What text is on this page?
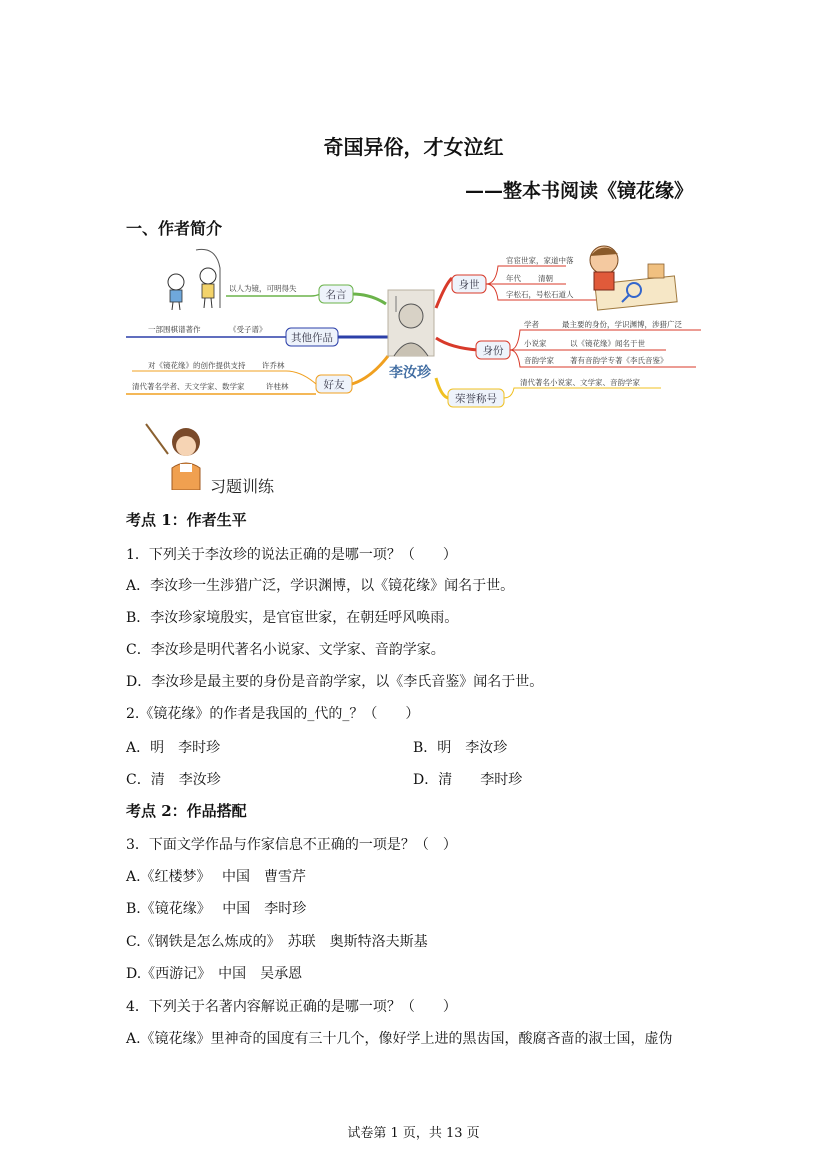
奇国异俗，才女泣红
——整本书阅读《镜花缘》
一、作者简介
名言
以人为镜，可明得失
其他作品
一部围棋谱著作	《受子谱》
好友
对《镜花缘》的创作提供支持 许乔林
清代著名学者、天文学家、数学家	许桂林
李汝珍
身世
官宦世家，家道中落
年代 清朝
字松石，号松石道人
身份
学者	最主要的身份，学识渊博，涉猎广泛
小说家	以《镜花缘》闻名于世
音韵学家 著有音韵学专著《李氏音鉴》
荣誉称号
清代著名小说家、文学家、音韵学家
习题训练
考点 1：作者生平
1．下列关于李汝珍的说法正确的是哪一项？（　　）
A．李汝珍一生涉猎广泛，学识渊博，以《镜花缘》闻名于世。
B．李汝珍家境殷实，是官宦世家，在朝廷呼风唤雨。
C．李汝珍是明代著名小说家、文学家、音韵学家。
D．李汝珍是最主要的身份是音韵学家，以《李氏音鉴》闻名于世。
2.《镜花缘》的作者是我国的_代的_？（　　）
A．明　李时珍	B．明　李汝珍
C．清　李汝珍	D．清　　李时珍
考点 2：作品搭配
3．下面文学作品与作家信息不正确的一项是？（　）
A.《红楼梦》　 中国　曹雪芹
B.《镜花缘》　 中国　李时珍
C.《钢铁是怎么炼成的》　苏联　奥斯特洛夫斯基
D.《西游记》　中国　吴承恩
4．下列关于名著内容解说正确的是哪一项？（　　）
A.《镜花缘》里神奇的国度有三十几个，像好学上进的黑齿国，酸腐吝啬的淑士国，虚伪
试卷第 1 页，共 13 页
